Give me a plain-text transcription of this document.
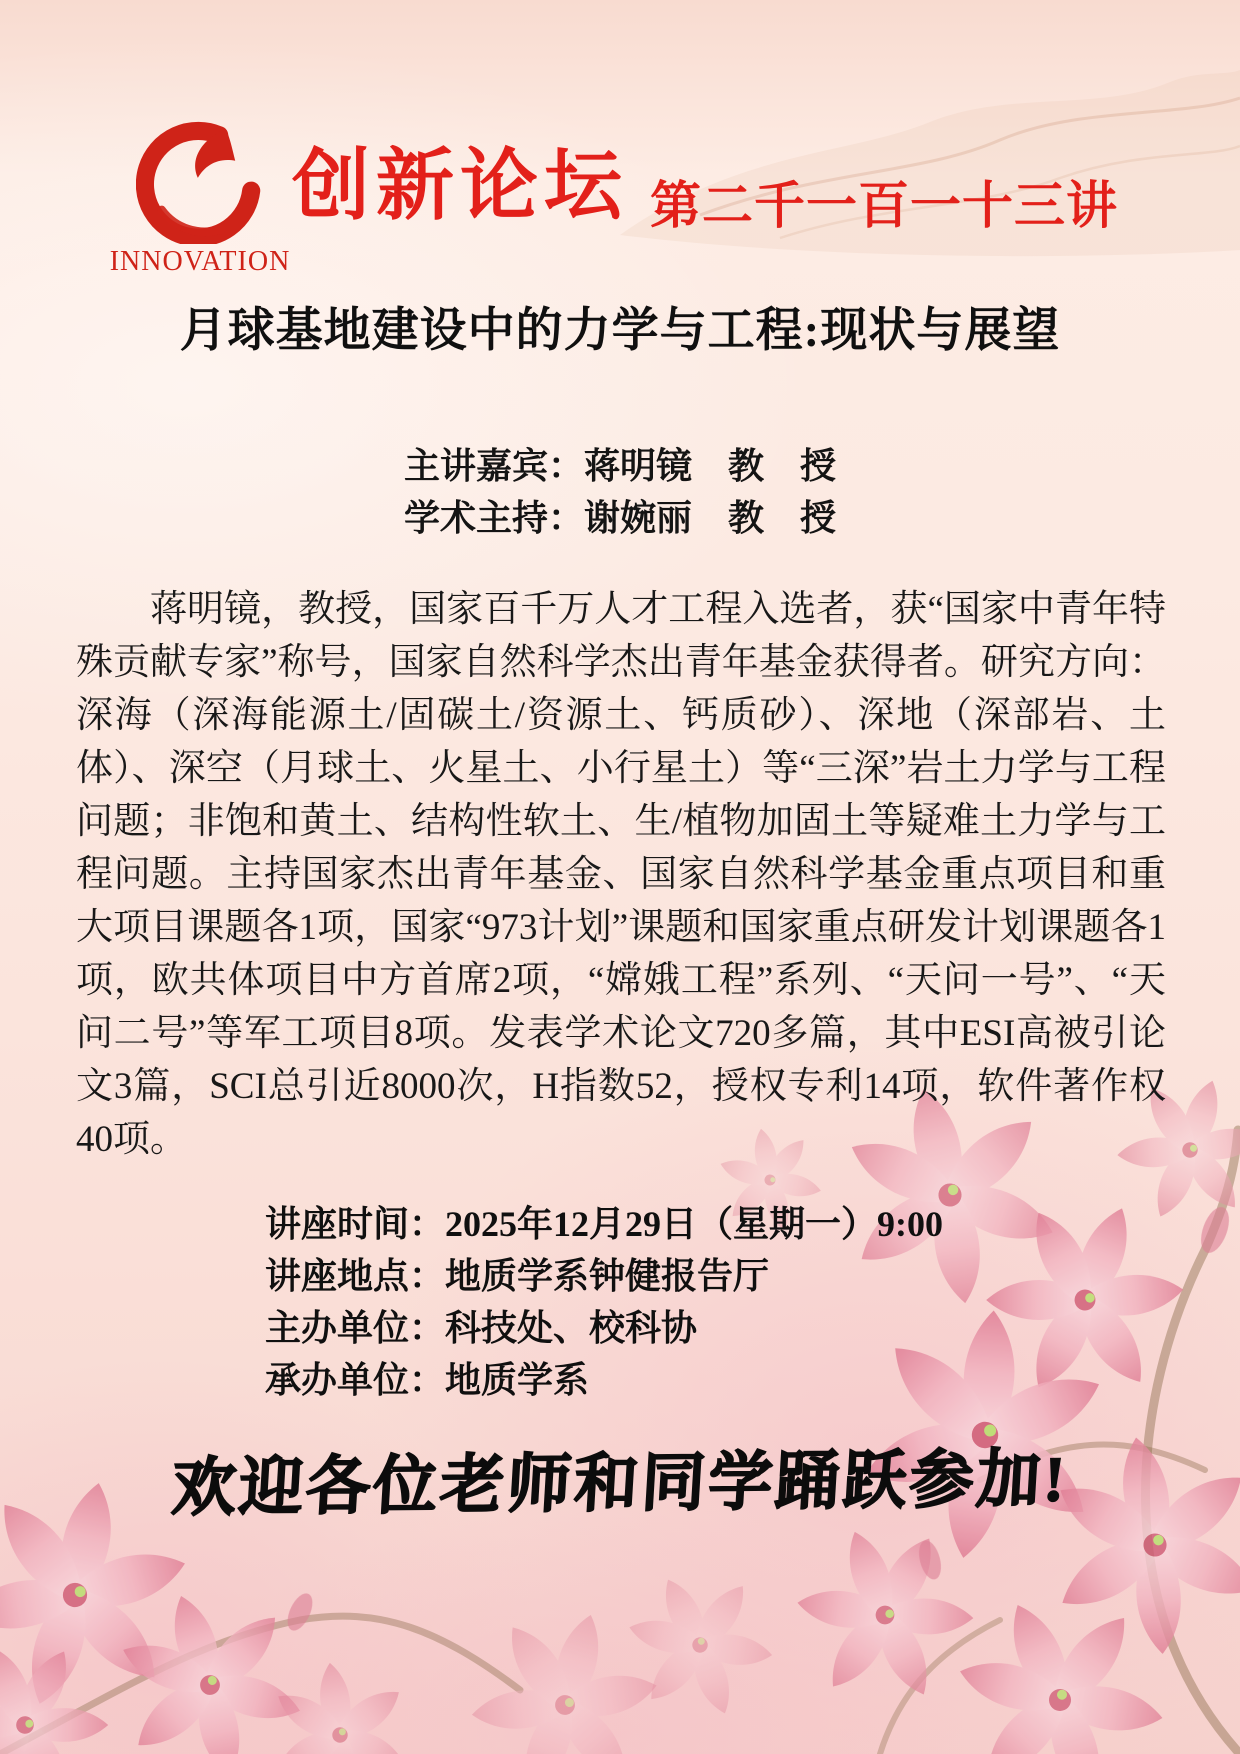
INNOVATION
创新论坛 第二千一百一十三讲
月球基地建设中的力学与工程:现状与展望
主讲嘉宾：蒋明镜　教　授
学术主持：谢婉丽　教　授
蒋明镜，教授，国家百千万人才工程入选者，获“国家中青年特殊贡献专家”称号，国家自然科学杰出青年基金获得者。研究方向：深海（深海能源土/固碳土/资源土、钙质砂）、深地（深部岩、土体）、深空（月球土、火星土、小行星土）等“三深”岩土力学与工程问题；非饱和黄土、结构性软土、生/植物加固土等疑难土力学与工程问题。主持国家杰出青年基金、国家自然科学基金重点项目和重大项目课题各1项，国家“973计划”课题和国家重点研发计划课题各1项，欧共体项目中方首席2项，“嫦娥工程”系列、“天问一号”、“天问二号”等军工项目8项。发表学术论文720多篇，其中ESI高被引论文3篇，SCI总引近8000次，H指数52，授权专利14项，软件著作权40项。
讲座时间：2025年12月29日（星期一）9:00
讲座地点：地质学系钟健报告厅
主办单位：科技处、校科协
承办单位：地质学系
欢迎各位老师和同学踊跃参加!
